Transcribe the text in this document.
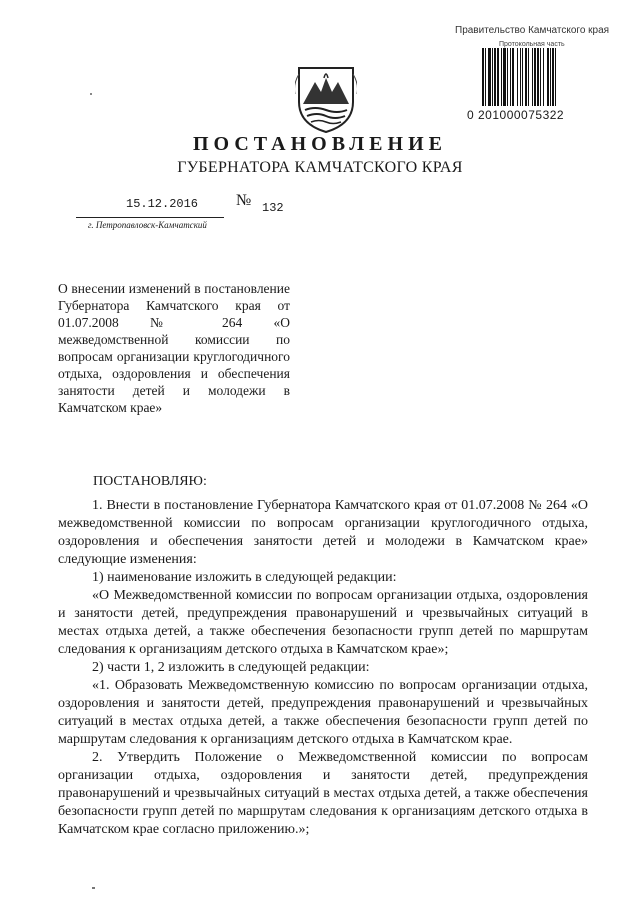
Правительство Камчатского края
Протокольная часть
0 201000075322
ПОСТАНОВЛЕНИЕ
ГУБЕРНАТОРА КАМЧАТСКОГО КРАЯ
15.12.2016 № 132
г. Петропавловск-Камчатский
О внесении изменений в постановление Губернатора Камчатского края от 01.07.2008 № 264 «О межведомственной комиссии по вопросам организации круглогодичного отдыха, оздоровления и обеспечения занятости детей и молодежи в Камчатском крае»
ПОСТАНОВЛЯЮ:

1. Внести в постановление Губернатора Камчатского края от 01.07.2008 № 264 «О межведомственной комиссии по вопросам организации круглогодичного отдыха, оздоровления и обеспечения занятости детей и молодежи в Камчатском крае» следующие изменения:

1) наименование изложить в следующей редакции:

«О Межведомственной комиссии по вопросам организации отдыха, оздоровления и занятости детей, предупреждения правонарушений и чрезвычайных ситуаций в местах отдыха детей, а также обеспечения безопасности групп детей по маршрутам следования к организациям детского отдыха в Камчатском крае»;

2) части 1, 2 изложить в следующей редакции:

«1. Образовать Межведомственную комиссию по вопросам организации отдыха, оздоровления и занятости детей, предупреждения правонарушений и чрезвычайных ситуаций в местах отдыха детей, а также обеспечения безопасности групп детей по маршрутам следования к организациям детского отдыха в Камчатском крае.

2. Утвердить Положение о Межведомственной комиссии по вопросам организации отдыха, оздоровления и занятости детей, предупреждения правонарушений и чрезвычайных ситуаций в местах отдыха детей, а также обеспечения безопасности групп детей по маршрутам следования к организациям детского отдыха в Камчатском крае согласно приложению.»;
